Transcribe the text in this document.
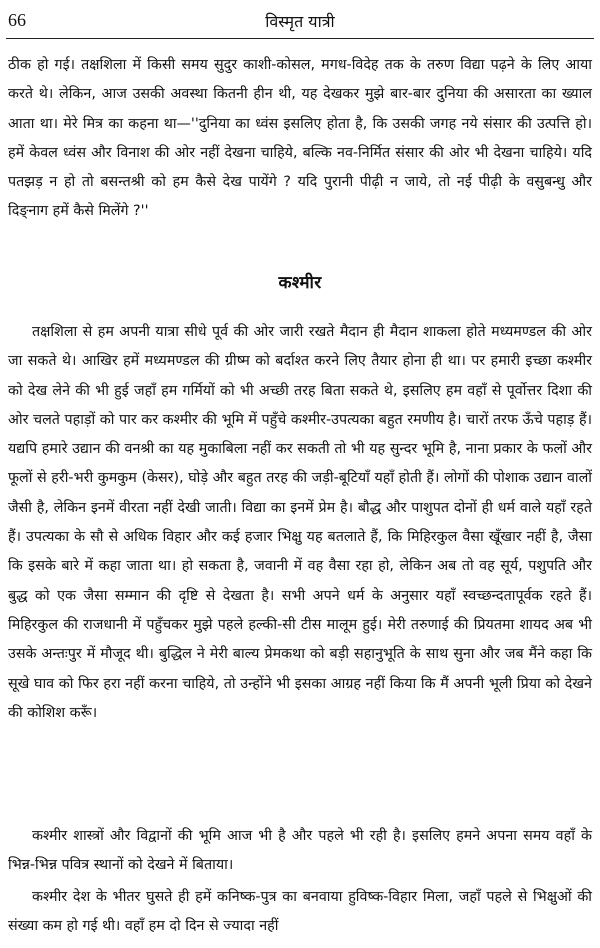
66	विस्मृत यात्री

ठीक हो गई। तक्षशिला में किसी समय सुदुर काशी-कोसल, मगध-विदेह तक के तरुण विद्या पढ़ने के लिए आया करते थे। लेकिन, आज उसकी अवस्था कितनी हीन थी, यह देखकर मुझे बार-बार दुनिया की असारता का ख्याल आता था। मेरे मित्र का कहना था—''दुनिया का ध्वंस इसलिए होता है, कि उसकी जगह नये संसार की उत्पत्ति हो। हमें केवल ध्वंस और विनाश की ओर नहीं देखना चाहिये, बल्कि नव-निर्मित संसार की ओर भी देखना चाहिये। यदि पतझड़ न हो तो बसन्तश्री को हम कैसे देख पायेंगे ? यदि पुरानी पीढ़ी न जाये, तो नई पीढ़ी के वसुबन्धु और दिङ्नाग हमें कैसे मिलेंगे ?''

कश्मीर

तक्षशिला से हम अपनी यात्रा सीधे पूर्व की ओर जारी रखते मैदान ही मैदान शाकला होते मध्यमण्डल की ओर जा सकते थे। आखिर हमें मध्यमण्डल की ग्रीष्म को बर्दाश्त करने लिए तैयार होना ही था। पर हमारी इच्छा कश्मीर को देख लेने की भी हुई जहाँ हम गर्मियों को भी अच्छी तरह बिता सकते थे, इसलिए हम वहाँ से पूर्वोत्तर दिशा की ओर चलते पहाड़ों को पार कर कश्मीर की भूमि में पहुँचे कश्मीर-उपत्यका बहुत रमणीय है। चारों तरफ ऊँचे पहाड़ हैं। यद्यपि हमारे उद्यान की वनश्री का यह मुकाबिला नहीं कर सकती तो भी यह सुन्दर भूमि है, नाना प्रकार के फलों और फूलों से हरी-भरी कुमकुम (केसर), घोड़े और बहुत तरह की जड़ी-बूटियाँ यहाँ होती हैं। लोगों की पोशाक उद्यान वालों जैसी है, लेकिन इनमें वीरता नहीं देखी जाती। विद्या का इनमें प्रेम है। बौद्ध और पाशुपत दोनों ही धर्म वाले यहाँ रहते हैं। उपत्यका के सौ से अधिक विहार और कई हजार भिक्षु यह बतलाते हैं, कि मिहिरकुल वैसा खूँखार नहीं है, जैसा कि इसके बारे में कहा जाता था। हो सकता है, जवानी में वह वैसा रहा हो, लेकिन अब तो वह सूर्य, पशुपति और बुद्ध को एक जैसा सम्मान की दृष्टि से देखता है। सभी अपने धर्म के अनुसार यहाँ स्वच्छन्दतापूर्वक रहते हैं। मिहिरकुल की राजधानी में पहुँचकर मुझे पहले हल्की-सी टीस मालूम हुई। मेरी तरुणाई की प्रियतमा शायद अब भी उसके अन्तःपुर में मौजूद थी। बुद्धिल ने मेरी बाल्य प्रेमकथा को बड़ी सहानुभूति के साथ सुना और जब मैंने कहा कि सूखे घाव को फिर हरा नहीं करना चाहिये, तो उन्होंने भी इसका आग्रह नहीं किया कि मैं अपनी भूली प्रिया को देखने की कोशिश करूँ।

कश्मीर शास्त्रों और विद्वानों की भूमि आज भी है और पहले भी रही है। इसलिए हमने अपना समय वहाँ के भिन्न-भिन्न पवित्र स्थानों को देखने में बिताया।

कश्मीर देश के भीतर घुसते ही हमें कनिष्क-पुत्र का बनवाया हुविष्क-विहार मिला, जहाँ पहले से भिक्षुओं की संख्या कम हो गई थी। वहाँ हम दो दिन से ज्यादा नहीं
